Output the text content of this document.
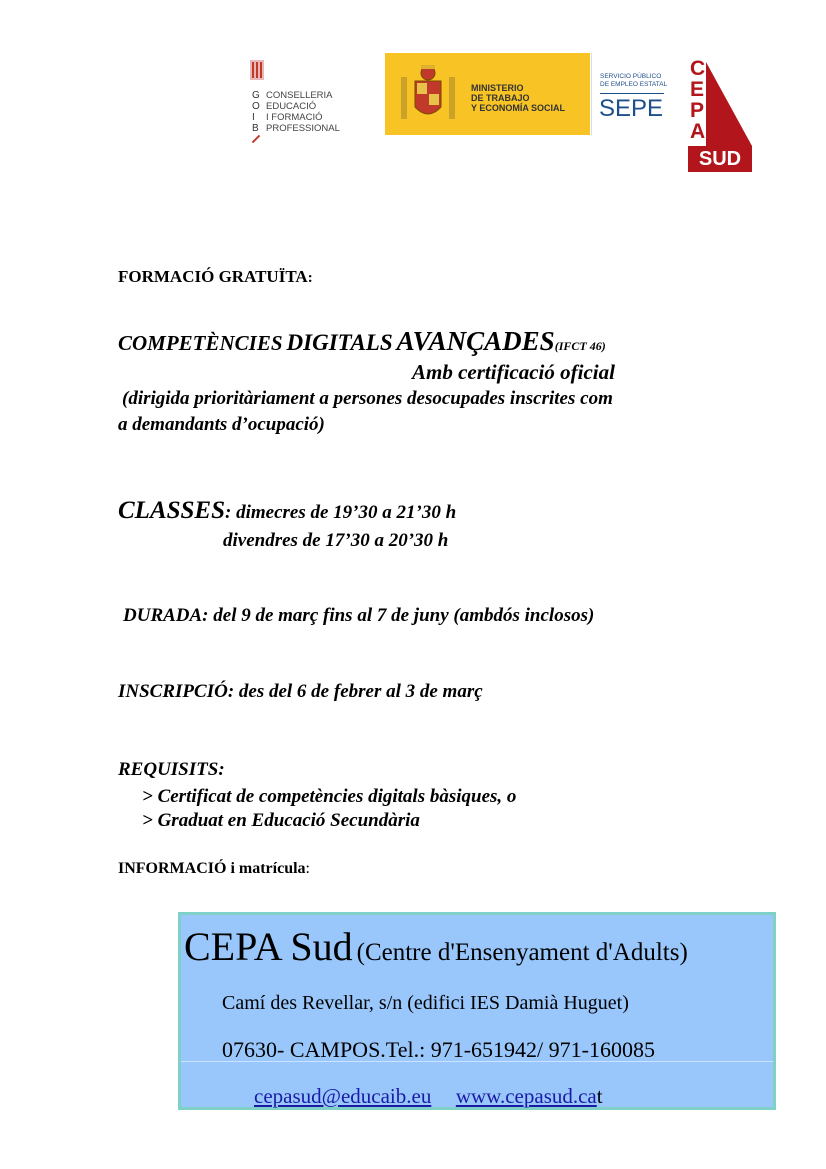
G
O
I
B
CONSELLERIA
EDUCACIÓ
I FORMACIÓ
PROFESSIONAL
MINISTERIO
DE TRABAJO
Y ECONOMÍA SOCIAL
SERVICIO PÚBLICO
DE EMPLEO ESTATAL
SEPE
C
E
P
A
SUD
FORMACIÓ GRATUÏTA:
COMPETÈNCIES DIGITALS AVANÇADES(IFCT 46)
Amb certificació oficial
(dirigida prioritàriament a persones desocupades inscrites com
a demandants d’ocupació)
CLASSES: dimecres de 19’30 a 21’30 h
divendres de 17’30 a 20’30 h
DURADA: del 9 de març fins al 7 de juny (ambdós inclosos)
INSCRIPCIÓ: des del 6 de febrer al 3 de març
REQUISITS:
> Certificat de competències digitals bàsiques, o
> Graduat en Educació Secundària
INFORMACIÓ i matrícula:
CEPA Sud (Centre d'Ensenyament d'Adults)
Camí des Revellar, s/n (edifici IES Damià Huguet)
07630- CAMPOS.Tel.: 971-651942/ 971-160085
cepasud@educaib.eu www.cepasud.cat
